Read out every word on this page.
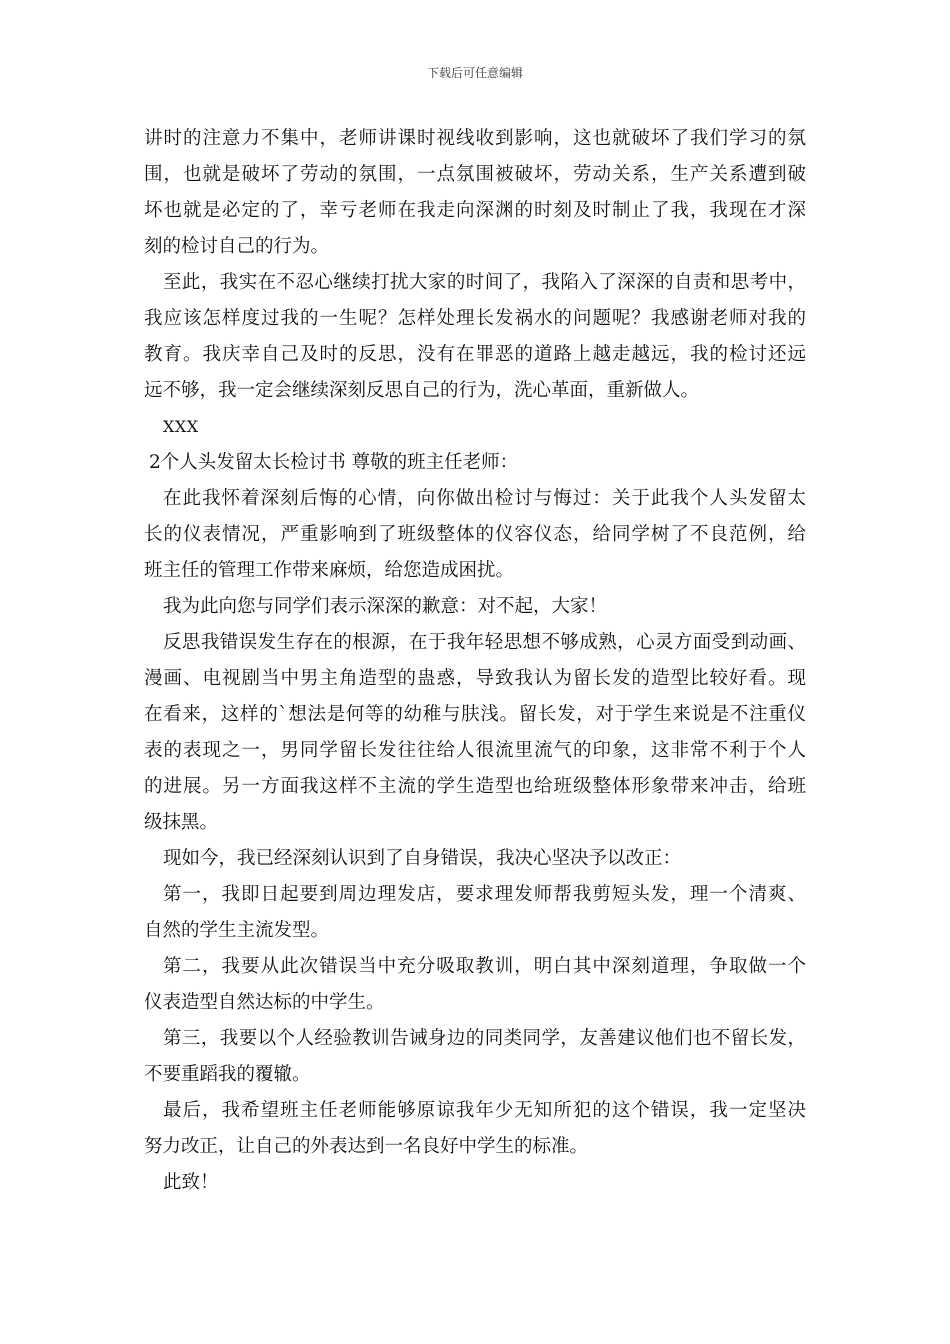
下载后可任意编辑
讲时的注意力不集中，老师讲课时视线收到影响，这也就破坏了我们学习的氛
围，也就是破坏了劳动的氛围，一点氛围被破坏，劳动关系，生产关系遭到破
坏也就是必定的了，幸亏老师在我走向深渊的时刻及时制止了我，我现在才深
刻的检讨自己的行为。
至此，我实在不忍心继续打扰大家的时间了，我陷入了深深的自责和思考中，
我应该怎样度过我的一生呢？怎样处理长发祸水的问题呢？我感谢老师对我的
教育。我庆幸自己及时的反思，没有在罪恶的道路上越走越远，我的检讨还远
远不够，我一定会继续深刻反思自己的行为，洗心革面，重新做人。
XXX
2个人头发留太长检讨书 尊敬的班主任老师：
在此我怀着深刻后悔的心情，向你做出检讨与悔过：关于此我个人头发留太
长的仪表情况，严重影响到了班级整体的仪容仪态，给同学树了不良范例，给
班主任的管理工作带来麻烦，给您造成困扰。
我为此向您与同学们表示深深的歉意：对不起，大家！
反思我错误发生存在的根源，在于我年轻思想不够成熟，心灵方面受到动画、
漫画、电视剧当中男主角造型的蛊惑，导致我认为留长发的造型比较好看。现
在看来，这样的`想法是何等的幼稚与肤浅。留长发，对于学生来说是不注重仪
表的表现之一，男同学留长发往往给人很流里流气的印象，这非常不利于个人
的进展。另一方面我这样不主流的学生造型也给班级整体形象带来冲击，给班
级抹黑。
现如今，我已经深刻认识到了自身错误，我决心坚决予以改正：
第一，我即日起要到周边理发店，要求理发师帮我剪短头发，理一个清爽、
自然的学生主流发型。
第二，我要从此次错误当中充分吸取教训，明白其中深刻道理，争取做一个
仪表造型自然达标的中学生。
第三，我要以个人经验教训告诫身边的同类同学，友善建议他们也不留长发，
不要重蹈我的覆辙。
最后，我希望班主任老师能够原谅我年少无知所犯的这个错误，我一定坚决
努力改正，让自己的外表达到一名良好中学生的标准。
此致！
